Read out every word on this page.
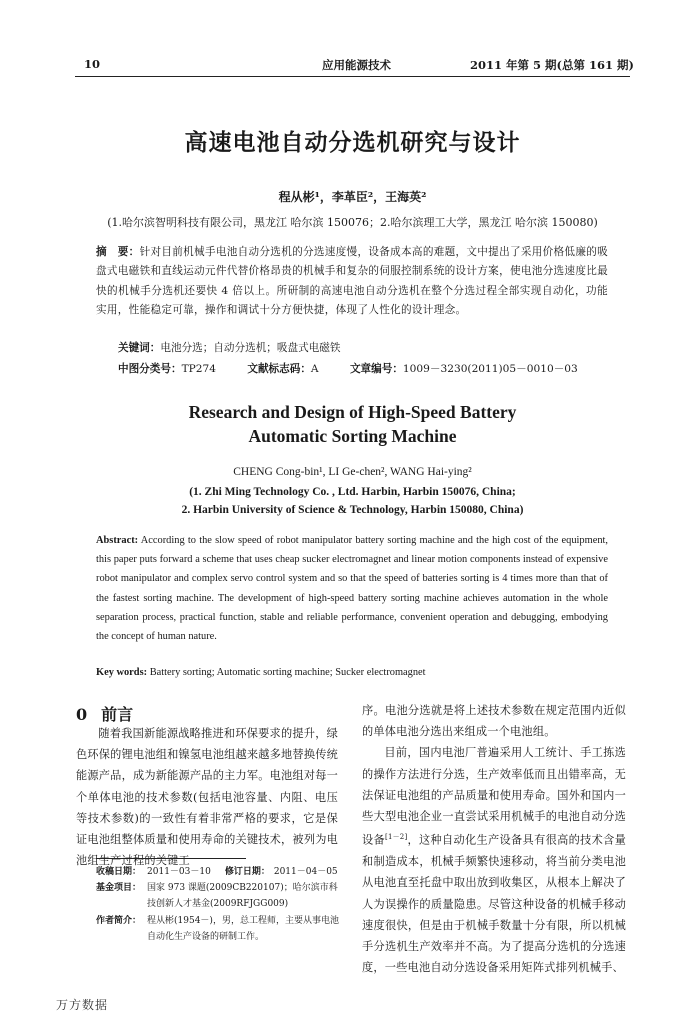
10	应用能源技术	2011 年第 5 期(总第 161 期)
高速电池自动分选机研究与设计
程从彬¹，李革臣²，王海英²
(1.哈尔滨智明科技有限公司，黑龙江 哈尔滨 150076；2.哈尔滨理工大学，黑龙江 哈尔滨 150080)
摘　要：针对目前机械手电池自动分选机的分选速度慢，设备成本高的难题，文中提出了采用价格低廉的吸盘式电磁铁和直线运动元件代替价格昂贵的机械手和复杂的伺服控制系统的设计方案，使电池分选速度比最快的机械手分选机还要快 4 倍以上。所研制的高速电池自动分选机在整个分选过程全部实现自动化，功能实用，性能稳定可靠，操作和调试十分方便快捷，体现了人性化的设计理念。
关键词：电池分选；自动分选机；吸盘式电磁铁
中图分类号：TP274	文献标志码：A	文章编号：1009－3230(2011)05－0010－03
Research and Design of High-Speed Battery
Automatic Sorting Machine
CHENG Cong-bin¹, LI Ge-chen², WANG Hai-ying²
(1. Zhi Ming Technology Co. , Ltd. Harbin, Harbin 150076, China;
2. Harbin University of Science & Technology, Harbin 150080, China)
Abstract: According to the slow speed of robot manipulator battery sorting machine and the high cost of the equipment, this paper puts forward a scheme that uses cheap sucker electromagnet and linear motion components instead of expensive robot manipulator and complex servo control system and so that the speed of batteries sorting is 4 times more than that of the fastest sorting machine. The development of high-speed battery sorting machine achieves automation in the whole separation process, practical function, stable and reliable performance, convenient operation and debugging, embodying the concept of human nature.
Key words: Battery sorting; Automatic sorting machine; Sucker electromagnet
0 前言

随着我国新能源战略推进和环保要求的提升，绿色环保的锂电池组和镍氢电池组越来越多地替换传统能源产品，成为新能源产品的主力军。电池组对每一个单体电池的技术参数(包括电池容量、内阻、电压等技术参数)的一致性有着非常严格的要求，它是保证电池组整体质量和使用寿命的关键技术，被列为电池组生产过程的关键工

收稿日期： 2011－03－10 修订日期： 2011－04－05
基金项目： 国家 973 课题(2009CB220107)；哈尔滨市科技创新人才基金(2009RFJGG009)
作者简介： 程从彬(1954－)，男，总工程师，主要从事电池自动化生产设备的研制工作。

序。电池分选就是将上述技术参数在规定范围内近似的单体电池分选出来组成一个电池组。

目前，国内电池厂普遍采用人工统计、手工拣选的操作方法进行分选，生产效率低而且出错率高，无法保证电池组的产品质量和使用寿命。国外和国内一些大型电池企业一直尝试采用机械手的电池自动分选设备[1－2]，这种自动化生产设备具有很高的技术含量和制造成本，机械手频繁快速移动，将当前分类电池从电池直至托盘中取出放到收集区，从根本上解决了人为误操作的质量隐患。尽管这种设备的机械手移动速度很快，但是由于机械手数量十分有限，所以机械手分选机生产效率并不高。为了提高分选机的分选速度，一些电池自动分选设备采用矩阵式排列机械手、

万方数据
